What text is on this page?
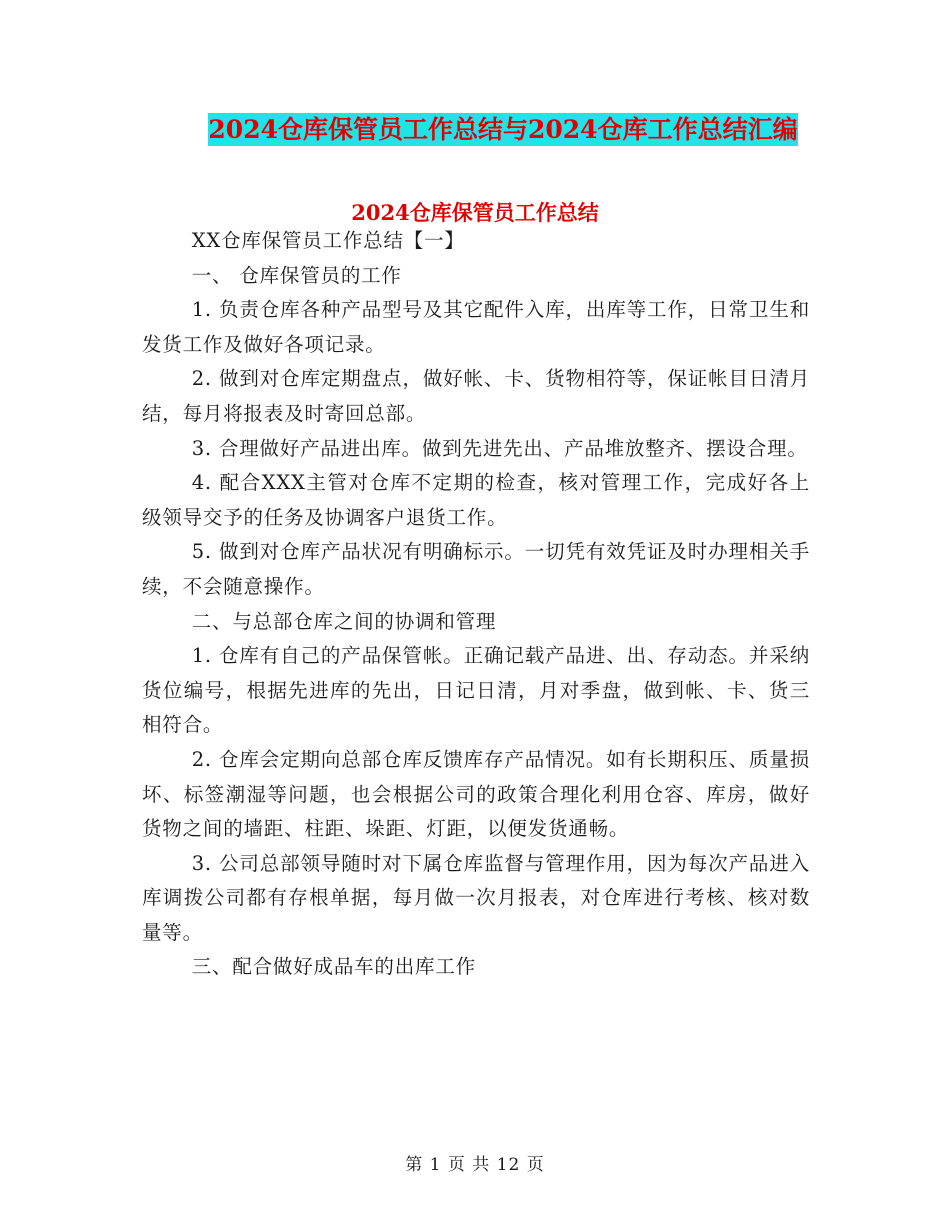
2024仓库保管员工作总结与2024仓库工作总结汇编
2024仓库保管员工作总结

XX仓库保管员工作总结【一】

一、 仓库保管员的工作

1. 负责仓库各种产品型号及其它配件入库，出库等工作，日常卫生和发货工作及做好各项记录。

2. 做到对仓库定期盘点，做好帐、卡、货物相符等，保证帐目日清月结，每月将报表及时寄回总部。

3. 合理做好产品进出库。做到先进先出、产品堆放整齐、摆设合理。

4. 配合XXX主管对仓库不定期的检查，核对管理工作，完成好各上级领导交予的任务及协调客户退货工作。

5. 做到对仓库产品状况有明确标示。一切凭有效凭证及时办理相关手续，不会随意操作。

二、与总部仓库之间的协调和管理

1. 仓库有自己的产品保管帐。正确记载产品进、出、存动态。并采纳货位编号，根据先进库的先出，日记日清，月对季盘，做到帐、卡、货三相符合。

2. 仓库会定期向总部仓库反馈库存产品情况。如有长期积压、质量损坏、标签潮湿等问题，也会根据公司的政策合理化利用仓容、库房，做好货物之间的墙距、柱距、垛距、灯距，以便发货通畅。

3. 公司总部领导随时对下属仓库监督与管理作用，因为每次产品进入库调拨公司都有存根单据，每月做一次月报表，对仓库进行考核、核对数量等。

三、配合做好成品车的出库工作

第 1 页 共 12 页
